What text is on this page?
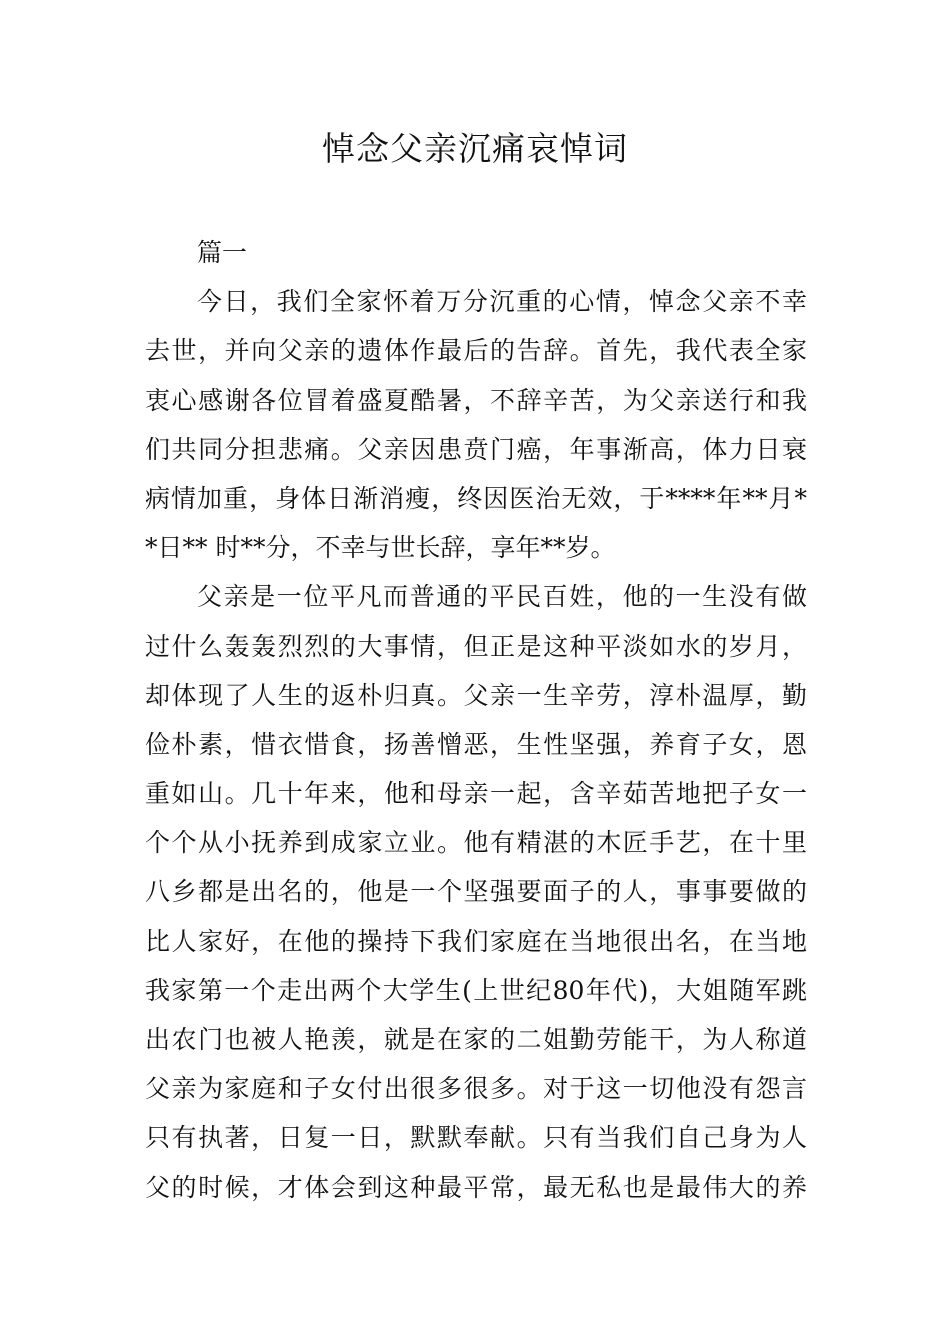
悼念父亲沉痛哀悼词
篇一
今日，我们全家怀着万分沉重的心情，悼念父亲不幸
去世，并向父亲的遗体作最后的告辞。首先，我代表全家
衷心感谢各位冒着盛夏酷暑，不辞辛苦，为父亲送行和我
们共同分担悲痛。父亲因患贲门癌，年事渐高，体力日衰
病情加重，身体日渐消瘦，终因医治无效，于****年**月*
*日** 时**分，不幸与世长辞，享年**岁。
父亲是一位平凡而普通的平民百姓，他的一生没有做
过什么轰轰烈烈的大事情，但正是这种平淡如水的岁月，
却体现了人生的返朴归真。父亲一生辛劳，淳朴温厚，勤
俭朴素，惜衣惜食，扬善憎恶，生性坚强，养育子女，恩
重如山。几十年来，他和母亲一起，含辛茹苦地把子女一
个个从小抚养到成家立业。他有精湛的木匠手艺，在十里
八乡都是出名的，他是一个坚强要面子的人，事事要做的
比人家好，在他的操持下我们家庭在当地很出名，在当地
我家第一个走出两个大学生(上世纪80年代)，大姐随军跳
出农门也被人艳羡，就是在家的二姐勤劳能干，为人称道
父亲为家庭和子女付出很多很多。对于这一切他没有怨言
只有执著，日复一日，默默奉献。只有当我们自己身为人
父的时候，才体会到这种最平常，最无私也是最伟大的养
